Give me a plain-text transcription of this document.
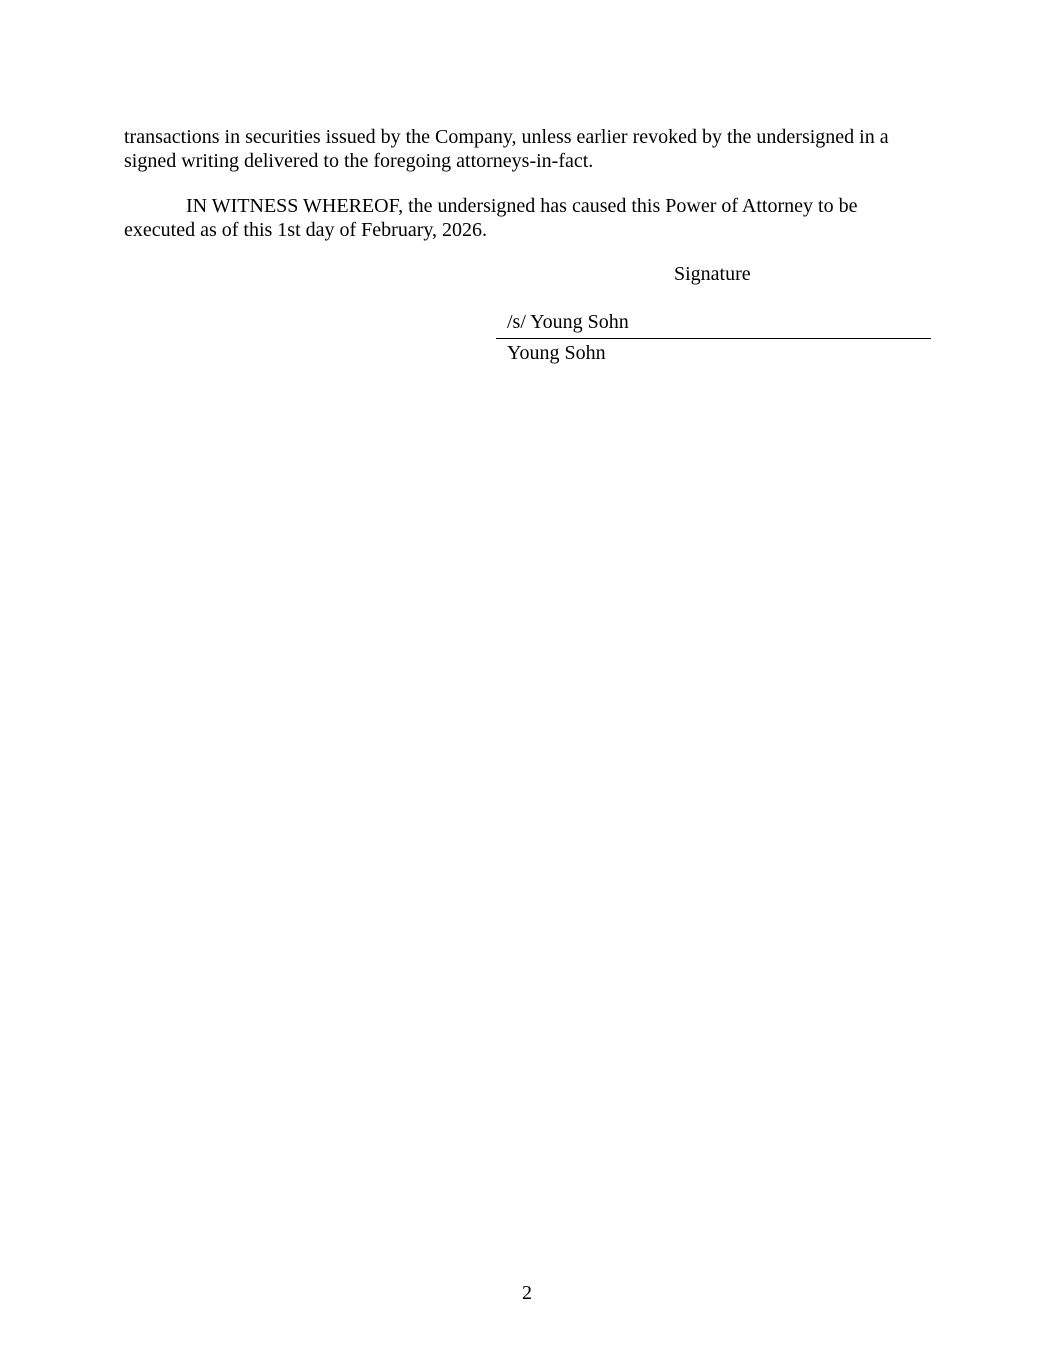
transactions in securities issued by the Company, unless earlier revoked by the undersigned in a
signed writing delivered to the foregoing attorneys-in-fact.
IN WITNESS WHEREOF, the undersigned has caused this Power of Attorney to be
executed as of this 1st day of February, 2026.
Signature
/s/ Young Sohn
Young Sohn
2
